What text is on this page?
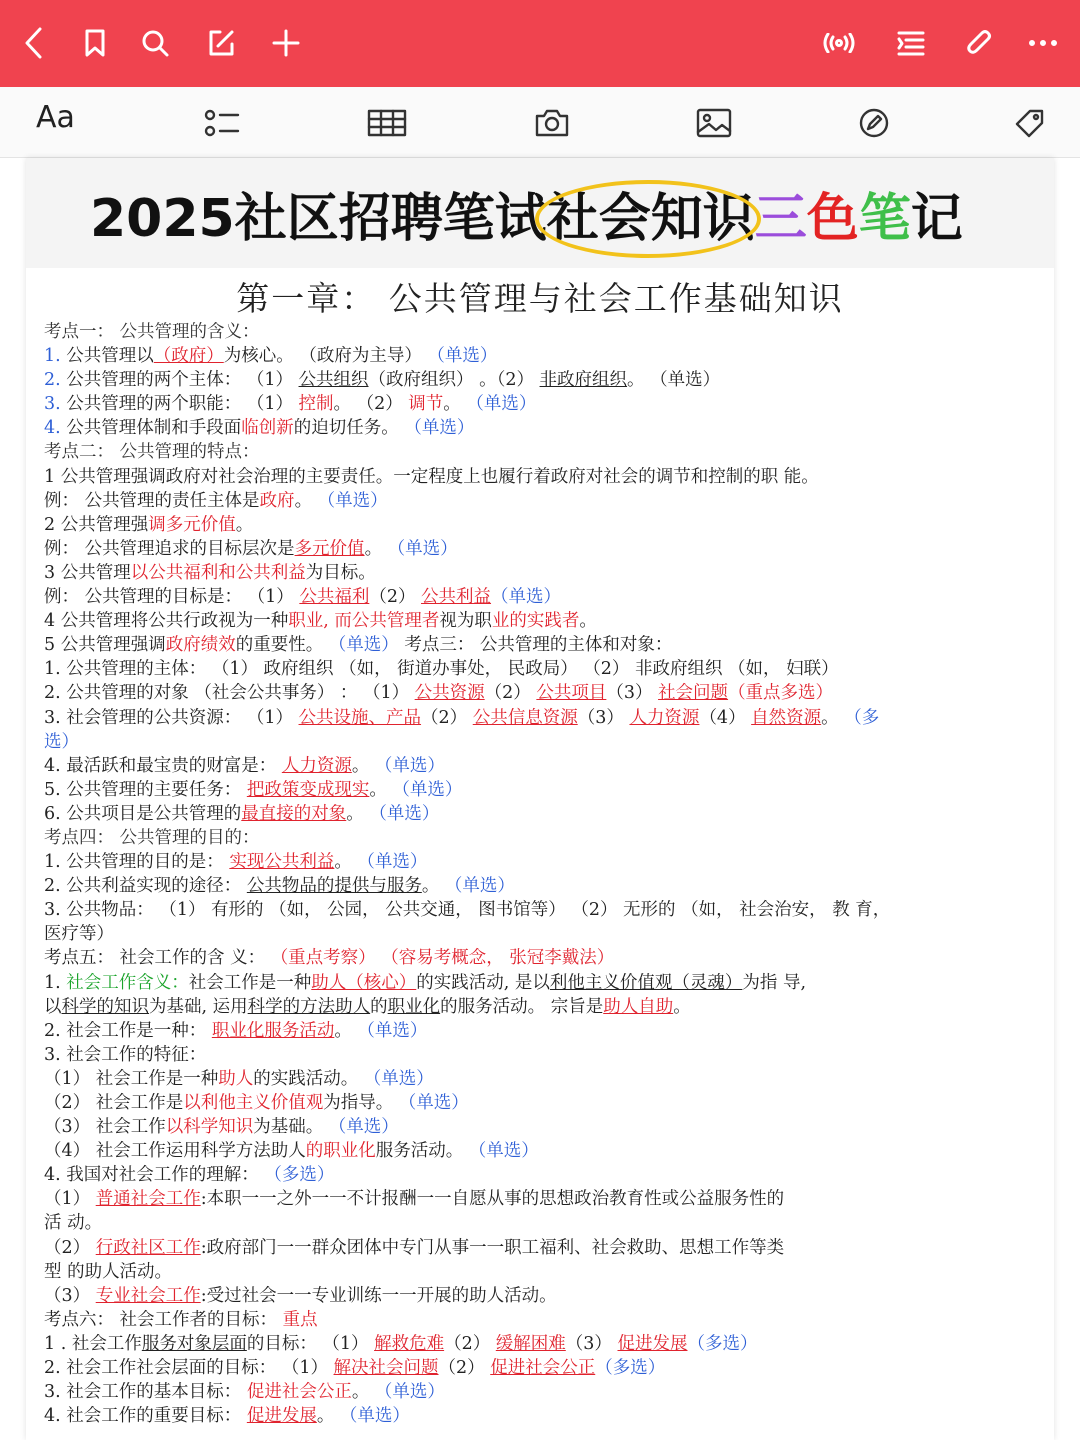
Aa
2025社区招聘笔试社会知识
三色笔记
第一章： 公共管理与社会工作基础知识
考点一： 公共管理的含义：
1. 公共管理以（政府）为核心。 （政府为主导） （单选）
2. 公共管理的两个主体： （1） 公共组织（政府组织） 。（2） 非政府组织。 （单选）
3. 公共管理的两个职能： （1） 控制。 （2） 调节。 （单选）
4. 公共管理体制和手段面临创新的迫切任务。 （单选）
考点二： 公共管理的特点：
1 公共管理强调政府对社会治理的主要责任。一定程度上也履行着政府对社会的调节和控制的职 能。
例： 公共管理的责任主体是政府。 （单选）
2 公共管理强调多元价值。
例： 公共管理追求的目标层次是多元价值。 （单选）
3 公共管理以公共福利和公共利益为目标。
例： 公共管理的目标是： （1） 公共福利（2） 公共利益（单选）
4 公共管理将公共行政视为一种职业, 而公共管理者视为职业的实践者。
5 公共管理强调政府绩效的重要性。 （单选） 考点三： 公共管理的主体和对象：
1. 公共管理的主体： （1） 政府组织 （如， 街道办事处， 民政局） （2） 非政府组织 （如， 妇联）
2. 公共管理的对象 （社会公共事务） ： （1） 公共资源（2） 公共项目（3） 社会问题（重点多选）
3. 社会管理的公共资源： （1） 公共设施、产品（2） 公共信息资源（3） 人力资源（4） 自然资源。 （多
选）
4. 最活跃和最宝贵的财富是： 人力资源。 （单选）
5. 公共管理的主要任务： 把政策变成现实。 （单选）
6. 公共项目是公共管理的最直接的对象。 （单选）
考点四： 公共管理的目的：
1. 公共管理的目的是： 实现公共利益。 （单选）
2. 公共利益实现的途径： 公共物品的提供与服务。 （单选）
3. 公共物品： （1） 有形的 （如， 公园， 公共交通， 图书馆等） （2） 无形的 （如， 社会治安， 教 育，
医疗等）
考点五： 社会工作的含 义： （重点考察） （容易考概念， 张冠李戴法）
1. 社会工作含义：社会工作是一种助人（核心）的实践活动, 是以利他主义价值观（灵魂）为指 导,
以科学的知识为基础, 运用科学的方法助人的职业化的服务活动。 宗旨是助人自助。
2. 社会工作是一种： 职业化服务活动。 （单选）
3. 社会工作的特征：
（1） 社会工作是一种助人的实践活动。 （单选）
（2） 社会工作是以利他主义价值观为指导。 （单选）
（3） 社会工作以科学知识为基础。 （单选）
（4） 社会工作运用科学方法助人的职业化服务活动。 （单选）
4. 我国对社会工作的理解： （多选）
（1） 普通社会工作:本职一一之外一一不计报酬一一自愿从事的思想政治教育性或公益服务性的
活 动。
（2） 行政社区工作:政府部门一一群众团体中专门从事一一职工福利、社会救助、思想工作等类
型 的助人活动。
（3） 专业社会工作:受过社会一一专业训练一一开展的助人活动。
考点六： 社会工作者的目标： 重点
1 . 社会工作服务对象层面的目标： （1） 解救危难（2） 缓解困难（3） 促进发展（多选）
2. 社会工作社会层面的目标： （1） 解决社会问题（2） 促进社会公正（多选）
3. 社会工作的基本目标： 促进社会公正。 （单选）
4. 社会工作的重要目标： 促进发展。 （单选）
